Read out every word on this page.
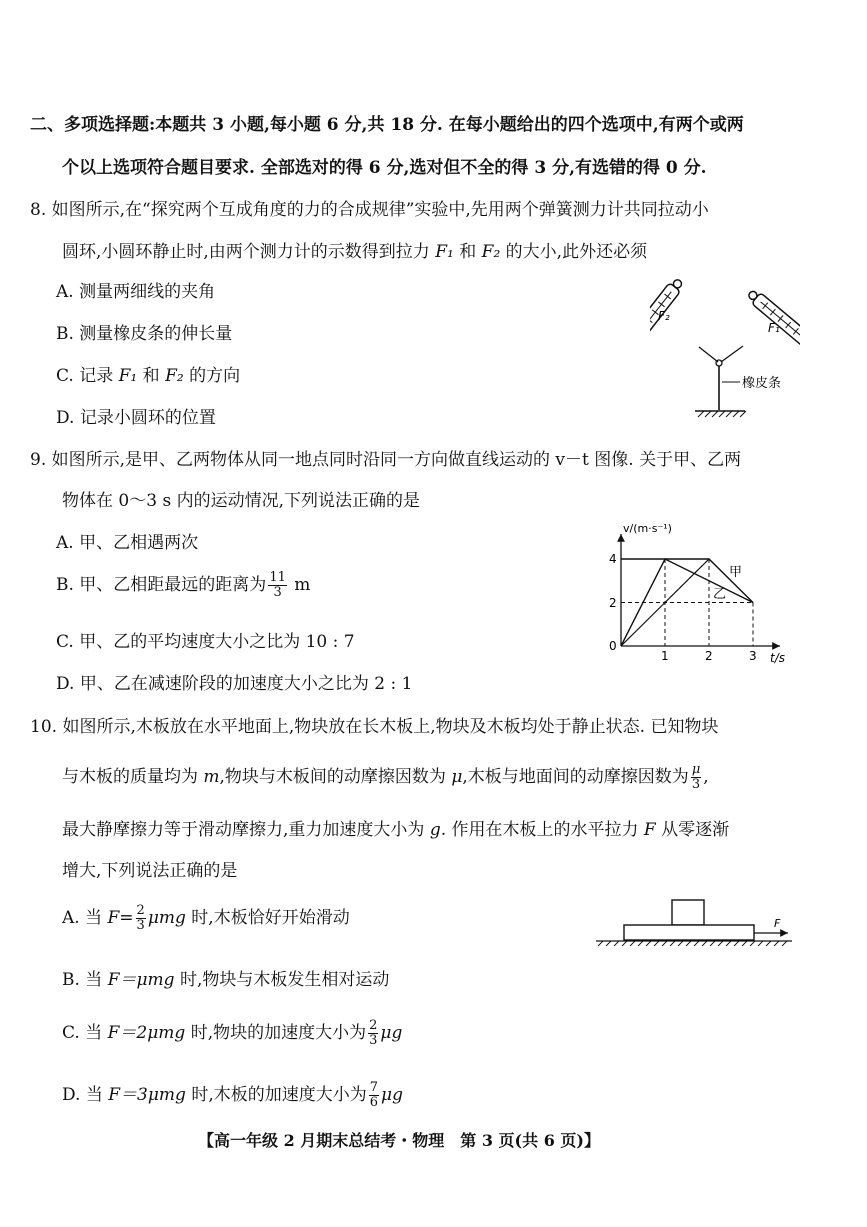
二、多项选择题:本题共 3 小题,每小题 6 分,共 18 分. 在每小题给出的四个选项中,有两个或两
个以上选项符合题目要求. 全部选对的得 6 分,选对但不全的得 3 分,有选错的得 0 分.
8. 如图所示,在“探究两个互成角度的力的合成规律”实验中,先用两个弹簧测力计共同拉动小
圆环,小圆环静止时,由两个测力计的示数得到拉力 F₁ 和 F₂ 的大小,此外还必须
A. 测量两细线的夹角
B. 测量橡皮条的伸长量
C. 记录 F₁ 和 F₂ 的方向
D. 记录小圆环的位置
F₂
F₁
橡皮条
9. 如图所示,是甲、乙两物体从同一地点同时沿同一方向做直线运动的 v－t 图像. 关于甲、乙两
物体在 0～3 s 内的运动情况,下列说法正确的是
A. 甲、乙相遇两次
B. 甲、乙相距最远的距离为 $\frac{11}{3}$ m
C. 甲、乙的平均速度大小之比为 10 : 7
D. 甲、乙在减速阶段的加速度大小之比为 2 : 1
v/(m·s⁻¹)
t/s
4
2
0
1	2	3
甲
乙
10. 如图所示,木板放在水平地面上,物块放在长木板上,物块及木板均处于静止状态. 已知物块
与木板的质量均为 m,物块与木板间的动摩擦因数为 μ,木板与地面间的动摩擦因数为 $\frac{\mu}{3}$ ,
最大静摩擦力等于滑动摩擦力,重力加速度大小为 g. 作用在木板上的水平拉力 F 从零逐渐
增大,下列说法正确的是
A. 当 $F= \frac{2}{3}$ μmg 时,木板恰好开始滑动
B. 当 F＝μmg 时,物块与木板发生相对运动
C. 当 F＝2μmg 时,物块的加速度大小为 $\frac{2}{3}$ μg
D. 当 F＝3μmg 时,木板的加速度大小为 $\frac{7}{6}$ μg
F
【高一年级 2 月期末总结考・物理　第 3 页(共 6 页)】
